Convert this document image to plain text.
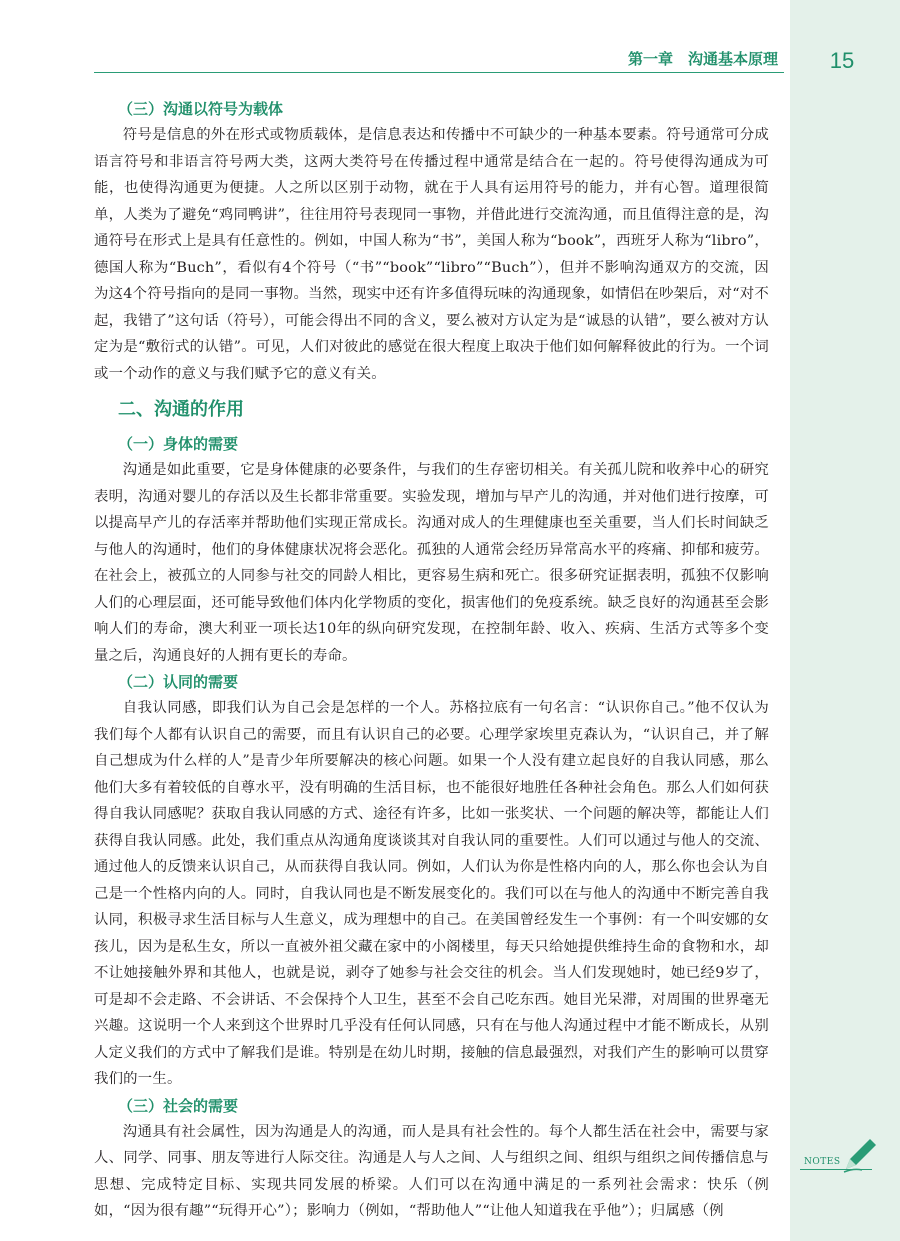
第一章　沟通基本原理	15
（三）沟通以符号为载体

符号是信息的外在形式或物质载体，是信息表达和传播中不可缺少的一种基本要素。符号通常可分成语言符号和非语言符号两大类，这两大类符号在传播过程中通常是结合在一起的。符号使得沟通成为可能，也使得沟通更为便捷。人之所以区别于动物，就在于人具有运用符号的能力，并有心智。道理很简单，人类为了避免“鸡同鸭讲”，往往用符号表现同一事物，并借此进行交流沟通，而且值得注意的是，沟通符号在形式上是具有任意性的。例如，中国人称为“书”，美国人称为“book”，西班牙人称为“libro”，德国人称为“Buch”，看似有4个符号（“书”“book”“libro”“Buch”），但并不影响沟通双方的交流，因为这4个符号指向的是同一事物。当然，现实中还有许多值得玩味的沟通现象，如情侣在吵架后，对“对不起，我错了”这句话（符号），可能会得出不同的含义，要么被对方认定为是“诚恳的认错”，要么被对方认定为是“敷衍式的认错”。可见，人们对彼此的感觉在很大程度上取决于他们如何解释彼此的行为。一个词或一个动作的意义与我们赋予它的意义有关。

二、沟通的作用
（一）身体的需要

沟通是如此重要，它是身体健康的必要条件，与我们的生存密切相关。有关孤儿院和收养中心的研究表明，沟通对婴儿的存活以及生长都非常重要。实验发现，增加与早产儿的沟通，并对他们进行按摩，可以提高早产儿的存活率并帮助他们实现正常成长。沟通对成人的生理健康也至关重要，当人们长时间缺乏与他人的沟通时，他们的身体健康状况将会恶化。孤独的人通常会经历异常高水平的疼痛、抑郁和疲劳。在社会上，被孤立的人同参与社交的同龄人相比，更容易生病和死亡。很多研究证据表明，孤独不仅影响人们的心理层面，还可能导致他们体内化学物质的变化，损害他们的免疫系统。缺乏良好的沟通甚至会影响人们的寿命，澳大利亚一项长达10年的纵向研究发现，在控制年龄、收入、疾病、生活方式等多个变量之后，沟通良好的人拥有更长的寿命。

（二）认同的需要

自我认同感，即我们认为自己会是怎样的一个人。苏格拉底有一句名言：“认识你自己。”他不仅认为我们每个人都有认识自己的需要，而且有认识自己的必要。心理学家埃里克森认为，“认识自己，并了解自己想成为什么样的人”是青少年所要解决的核心问题。如果一个人没有建立起良好的自我认同感，那么他们大多有着较低的自尊水平，没有明确的生活目标，也不能很好地胜任各种社会角色。那么人们如何获得自我认同感呢？获取自我认同感的方式、途径有许多，比如一张奖状、一个问题的解决等，都能让人们获得自我认同感。此处，我们重点从沟通角度谈谈其对自我认同的重要性。人们可以通过与他人的交流、通过他人的反馈来认识自己，从而获得自我认同。例如，人们认为你是性格内向的人，那么你也会认为自己是一个性格内向的人。同时，自我认同也是不断发展变化的。我们可以在与他人的沟通中不断完善自我认同，积极寻求生活目标与人生意义，成为理想中的自己。在美国曾经发生一个事例：有一个叫安娜的女孩儿，因为是私生女，所以一直被外祖父藏在家中的小阁楼里，每天只给她提供维持生命的食物和水，却不让她接触外界和其他人，也就是说，剥夺了她参与社会交往的机会。当人们发现她时，她已经9岁了，可是却不会走路、不会讲话、不会保持个人卫生，甚至不会自己吃东西。她目光呆滞，对周围的世界毫无兴趣。这说明一个人来到这个世界时几乎没有任何认同感，只有在与他人沟通过程中才能不断成长，从别人定义我们的方式中了解我们是谁。特别是在幼儿时期，接触的信息最强烈，对我们产生的影响可以贯穿我们的一生。

（三）社会的需要

沟通具有社会属性，因为沟通是人的沟通，而人是具有社会性的。每个人都生活在社会中，需要与家人、同学、同事、朋友等进行人际交往。沟通是人与人之间、人与组织之间、组织与组织之间传播信息与思想、完成特定目标、实现共同发展的桥梁。人们可以在沟通中满足的一系列社会需求：快乐（例如，“因为很有趣”“玩得开心”）；影响力（例如，“帮助他人”“让他人知道我在乎他”）；归属感（例

NOTES
